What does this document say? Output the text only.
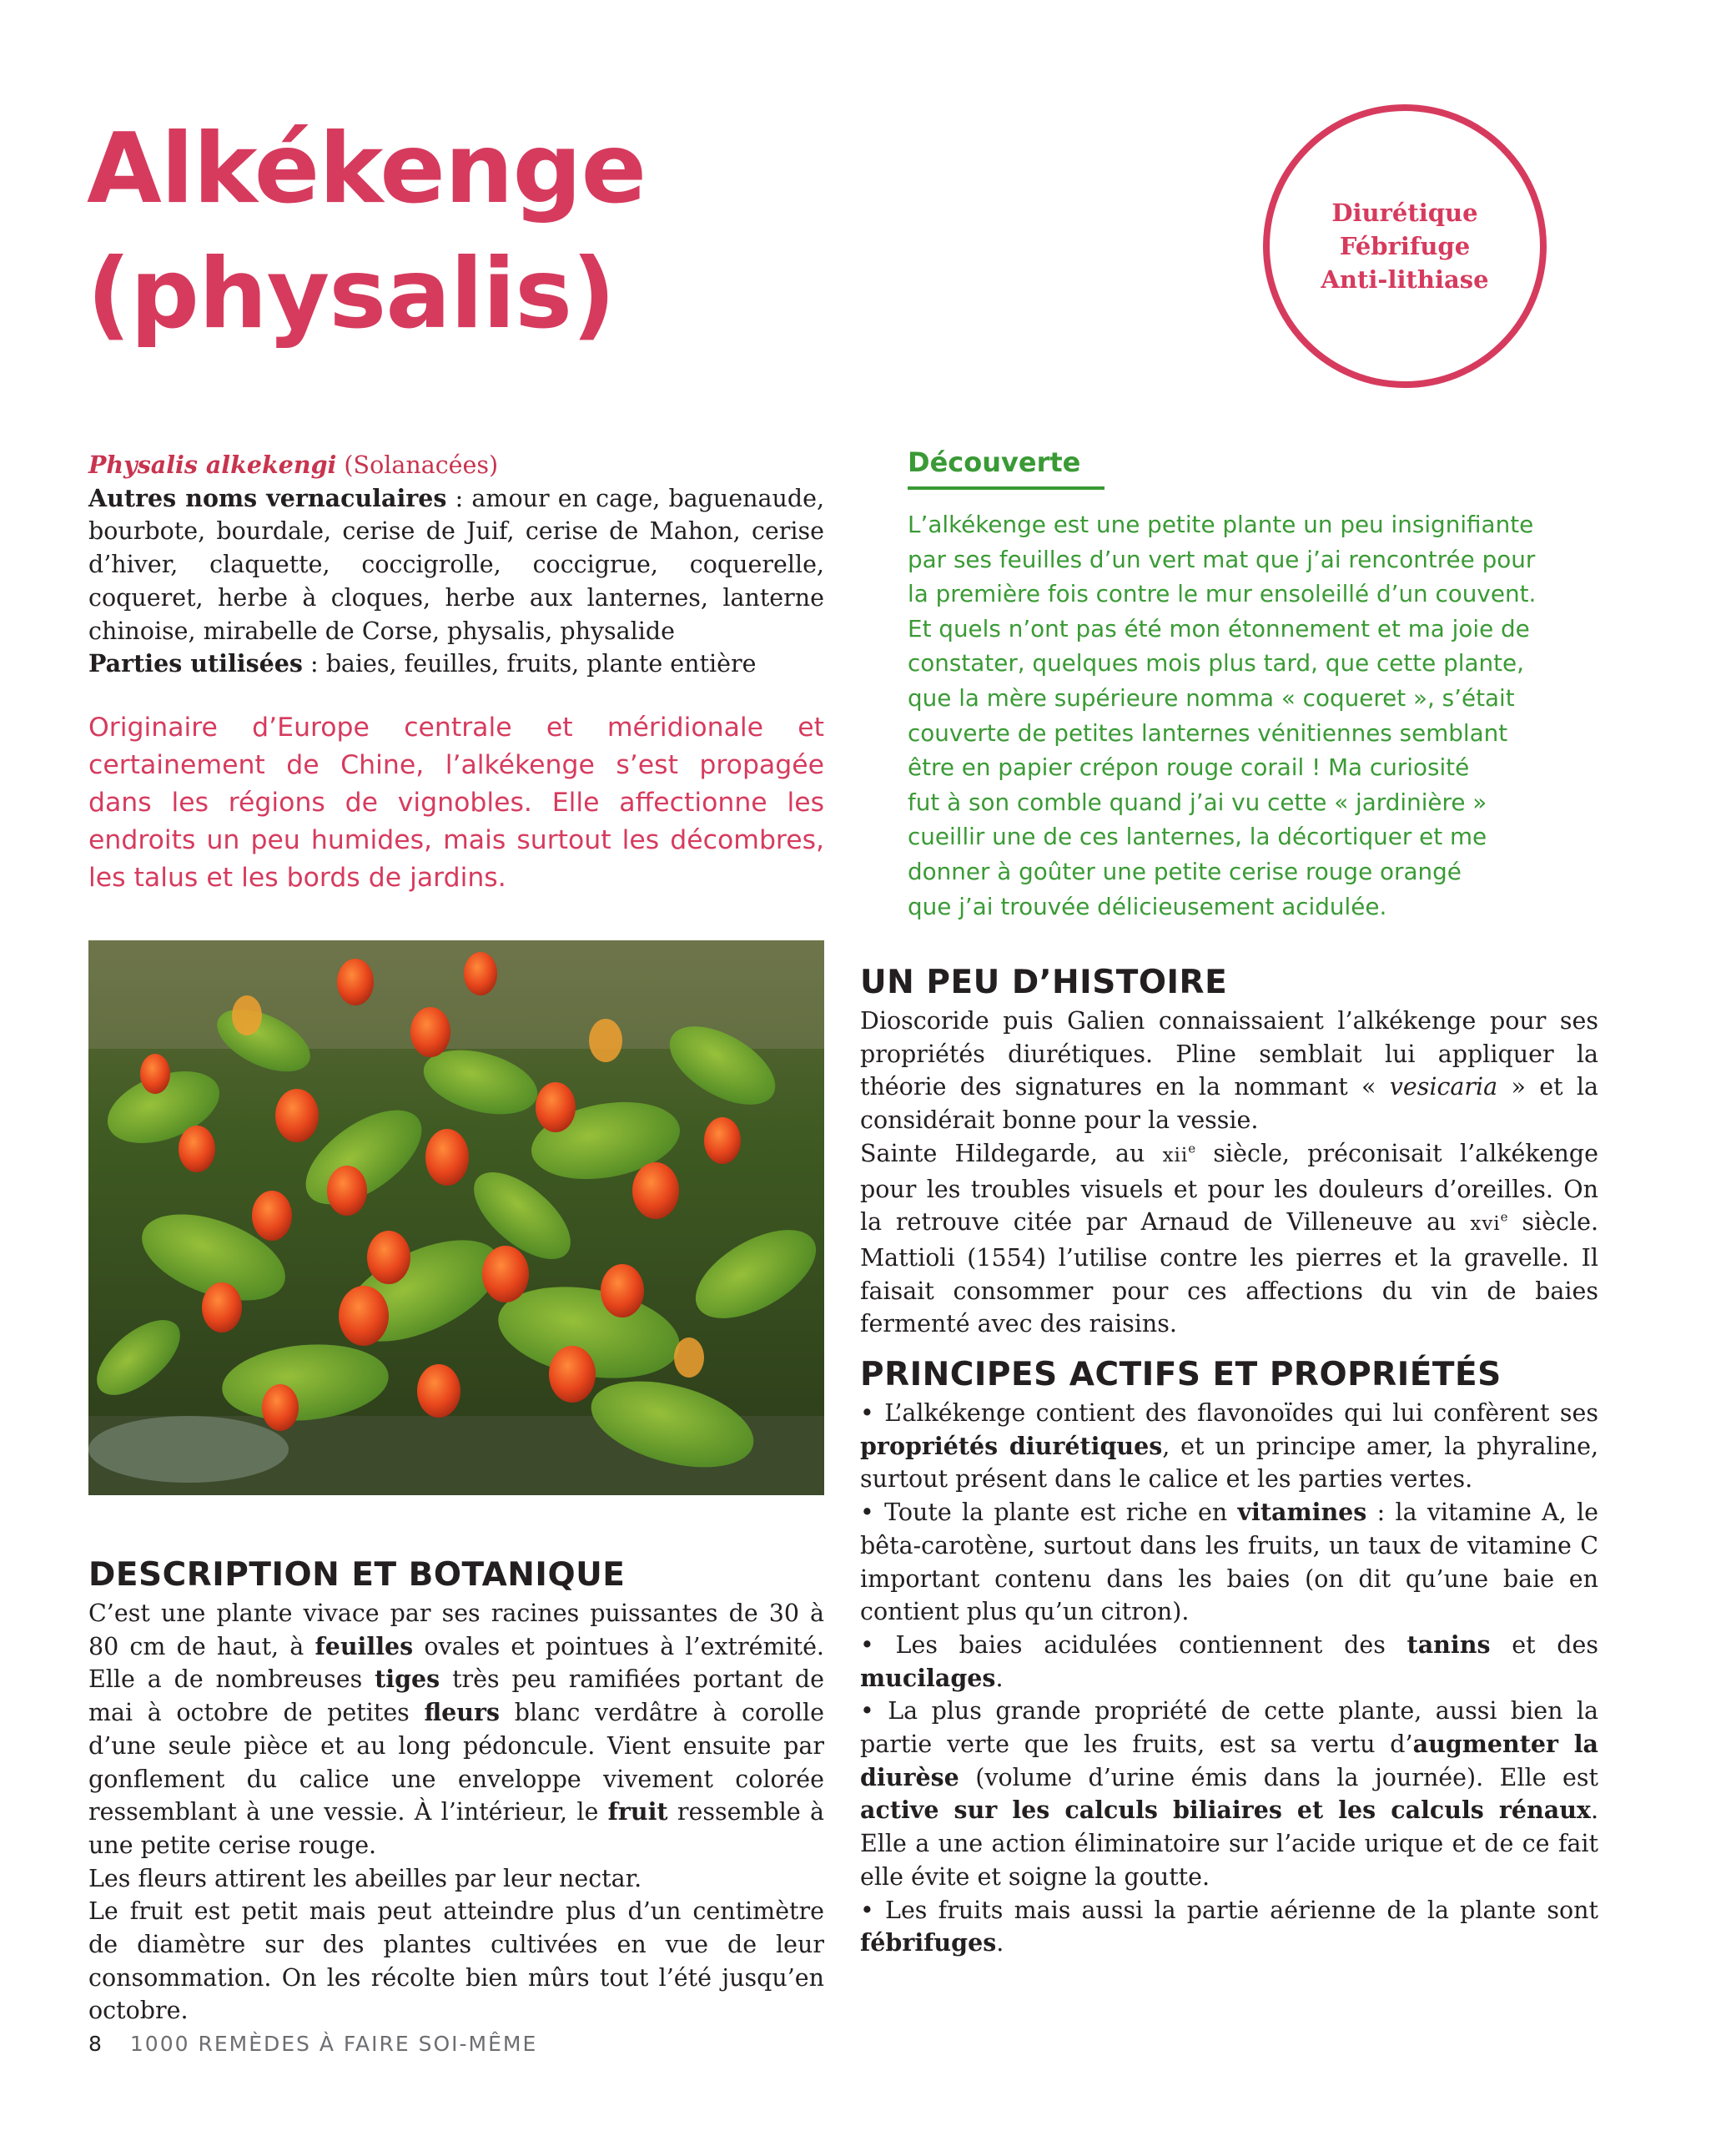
Alkékenge
(physalis)
Diurétique
Fébrifuge
Anti-lithiase

Physalis alkekengi (Solanacées)

Autres noms vernaculaires : amour en cage, baguenaude, bourbote, bourdale, cerise de Juif, cerise de Mahon, cerise d’hiver, claquette, coccigrolle, coccigrue, coquerelle, coqueret, herbe à cloques, herbe aux lanternes, lanterne chinoise, mirabelle de Corse, physalis, physalide

Parties utilisées : baies, feuilles, fruits, plante entière

Originaire d’Europe centrale et méridionale et certainement de Chine, l’alkékenge s’est propagée dans les régions de vignobles. Elle affectionne les endroits un peu humides, mais surtout les décombres, les talus et les bords de jardins.

Découverte
L’alkékenge est une petite plante un peu insignifiante
par ses feuilles d’un vert mat que j’ai rencontrée pour
la première fois contre le mur ensoleillé d’un couvent.
Et quels n’ont pas été mon étonnement et ma joie de
constater, quelques mois plus tard, que cette plante,
que la mère supérieure nomma « coqueret », s’était
couverte de petites lanternes vénitiennes semblant
être en papier crépon rouge corail ! Ma curiosité
fut à son comble quand j’ai vu cette « jardinière »
cueillir une de ces lanternes, la décortiquer et me
donner à goûter une petite cerise rouge orangé
que j’ai trouvée délicieusement acidulée.
DESCRIPTION ET BOTANIQUE

C’est une plante vivace par ses racines puissantes de 30 à 80 cm de haut, à feuilles ovales et pointues à l’extrémité. Elle a de nombreuses tiges très peu ramifiées portant de mai à octobre de petites fleurs blanc verdâtre à corolle d’une seule pièce et au long pédoncule. Vient ensuite par gonflement du calice une enveloppe vivement colorée ressemblant à une vessie. À l’intérieur, le fruit ressemble à une petite cerise rouge.

Les fleurs attirent les abeilles par leur nectar.

Le fruit est petit mais peut atteindre plus d’un centimètre de diamètre sur des plantes cultivées en vue de leur consommation. On les récolte bien mûrs tout l’été jusqu’en octobre.

UN PEU D’HISTOIRE

Dioscoride puis Galien connaissaient l’alkékenge pour ses propriétés diurétiques. Pline semblait lui appliquer la théorie des signatures en la nommant « vesicaria » et la considérait bonne pour la vessie.

Sainte Hildegarde, au xii$^e$ siècle, préconisait l’alkékenge pour les troubles visuels et pour les douleurs d’oreilles. On la retrouve citée par Arnaud de Villeneuve au xvi$^e$ siècle. Mattioli (1554) l’utilise contre les pierres et la gravelle. Il faisait consommer pour ces affections du vin de baies fermenté avec des raisins.

PRINCIPES ACTIFS ET PROPRIÉTÉS

• L’alkékenge contient des flavonoïdes qui lui confèrent ses propriétés diurétiques, et un principe amer, la phyraline, surtout présent dans le calice et les parties vertes.

• Toute la plante est riche en vitamines : la vitamine A, le bêta-carotène, surtout dans les fruits, un taux de vitamine C important contenu dans les baies (on dit qu’une baie en contient plus qu’un citron).

• Les baies acidulées contiennent des tanins et des mucilages.

• La plus grande propriété de cette plante, aussi bien la partie verte que les fruits, est sa vertu d’augmenter la diurèse (volume d’urine émis dans la journée). Elle est active sur les calculs biliaires et les calculs rénaux. Elle a une action éliminatoire sur l’acide urique et de ce fait elle évite et soigne la goutte.

• Les fruits mais aussi la partie aérienne de la plante sont fébrifuges.

8 1000 REMÈDES À FAIRE SOI-MÊME
